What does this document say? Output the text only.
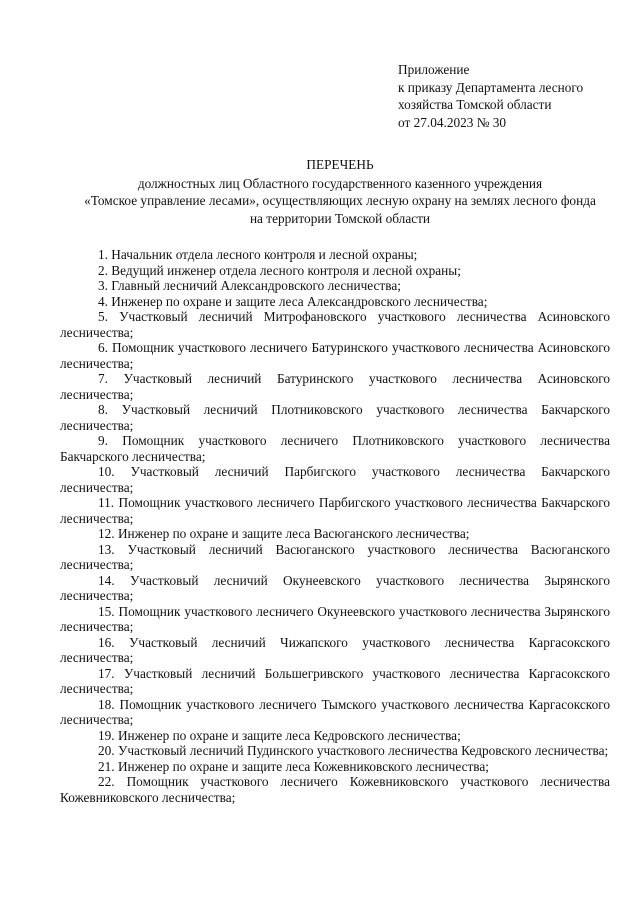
Приложение
к приказу Департамента лесного
хозяйства Томской области
от 27.04.2023 № 30
ПЕРЕЧЕНЬ
должностных лиц Областного государственного казенного учреждения
«Томское управление лесами», осуществляющих лесную охрану на землях лесного фонда
на территории Томской области
1. Начальник отдела лесного контроля и лесной охраны;
2. Ведущий инженер отдела лесного контроля и лесной охраны;
3. Главный лесничий Александровского лесничества;
4. Инженер по охране и защите леса Александровского лесничества;
5. Участковый лесничий Митрофановского участкового лесничества Асиновского лесничества;
6. Помощник участкового лесничего Батуринского участкового лесничества Асиновского лесничества;
7. Участковый лесничий Батуринского участкового лесничества Асиновского лесничества;
8. Участковый лесничий Плотниковского участкового лесничества Бакчарского лесничества;
9. Помощник участкового лесничего Плотниковского участкового лесничества Бакчарского лесничества;
10. Участковый лесничий Парбигского участкового лесничества Бакчарского лесничества;
11. Помощник участкового лесничего Парбигского участкового лесничества Бакчарского лесничества;
12. Инженер по охране и защите леса Васюганского лесничества;
13. Участковый лесничий Васюганского участкового лесничества Васюганского лесничества;
14. Участковый лесничий Окунеевского участкового лесничества Зырянского лесничества;
15. Помощник участкового лесничего Окунеевского участкового лесничества Зырянского лесничества;
16. Участковый лесничий Чижапского участкового лесничества Каргасокского лесничества;
17. Участковый лесничий Большегривского участкового лесничества Каргасокского лесничества;
18. Помощник участкового лесничего Тымского участкового лесничества Каргасокского лесничества;
19. Инженер по охране и защите леса Кедровского лесничества;
20. Участковый лесничий Пудинского участкового лесничества Кедровского лесничества;
21. Инженер по охране и защите леса Кожевниковского лесничества;
22. Помощник участкового лесничего Кожевниковского участкового лесничества Кожевниковского лесничества;
